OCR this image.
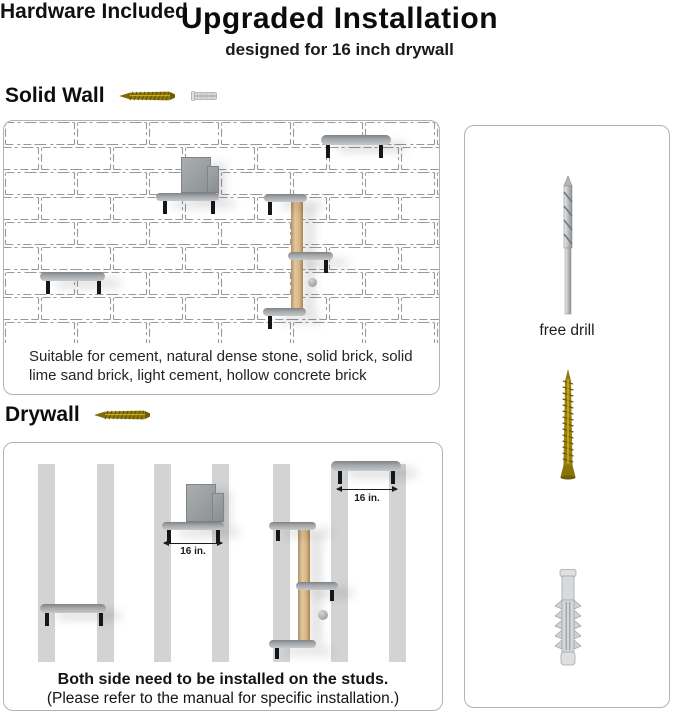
Upgraded Installation
designed for 16 inch drywall
Solid Wall
Hardware Included
Suitable for cement, natural dense stone, solid brick, solid lime sand brick, light cement, hollow concrete brick
Drywall
16 in.
16 in.
Both side need to be installed on the studs.
(Please refer to the manual for specific installation.)
free drill
